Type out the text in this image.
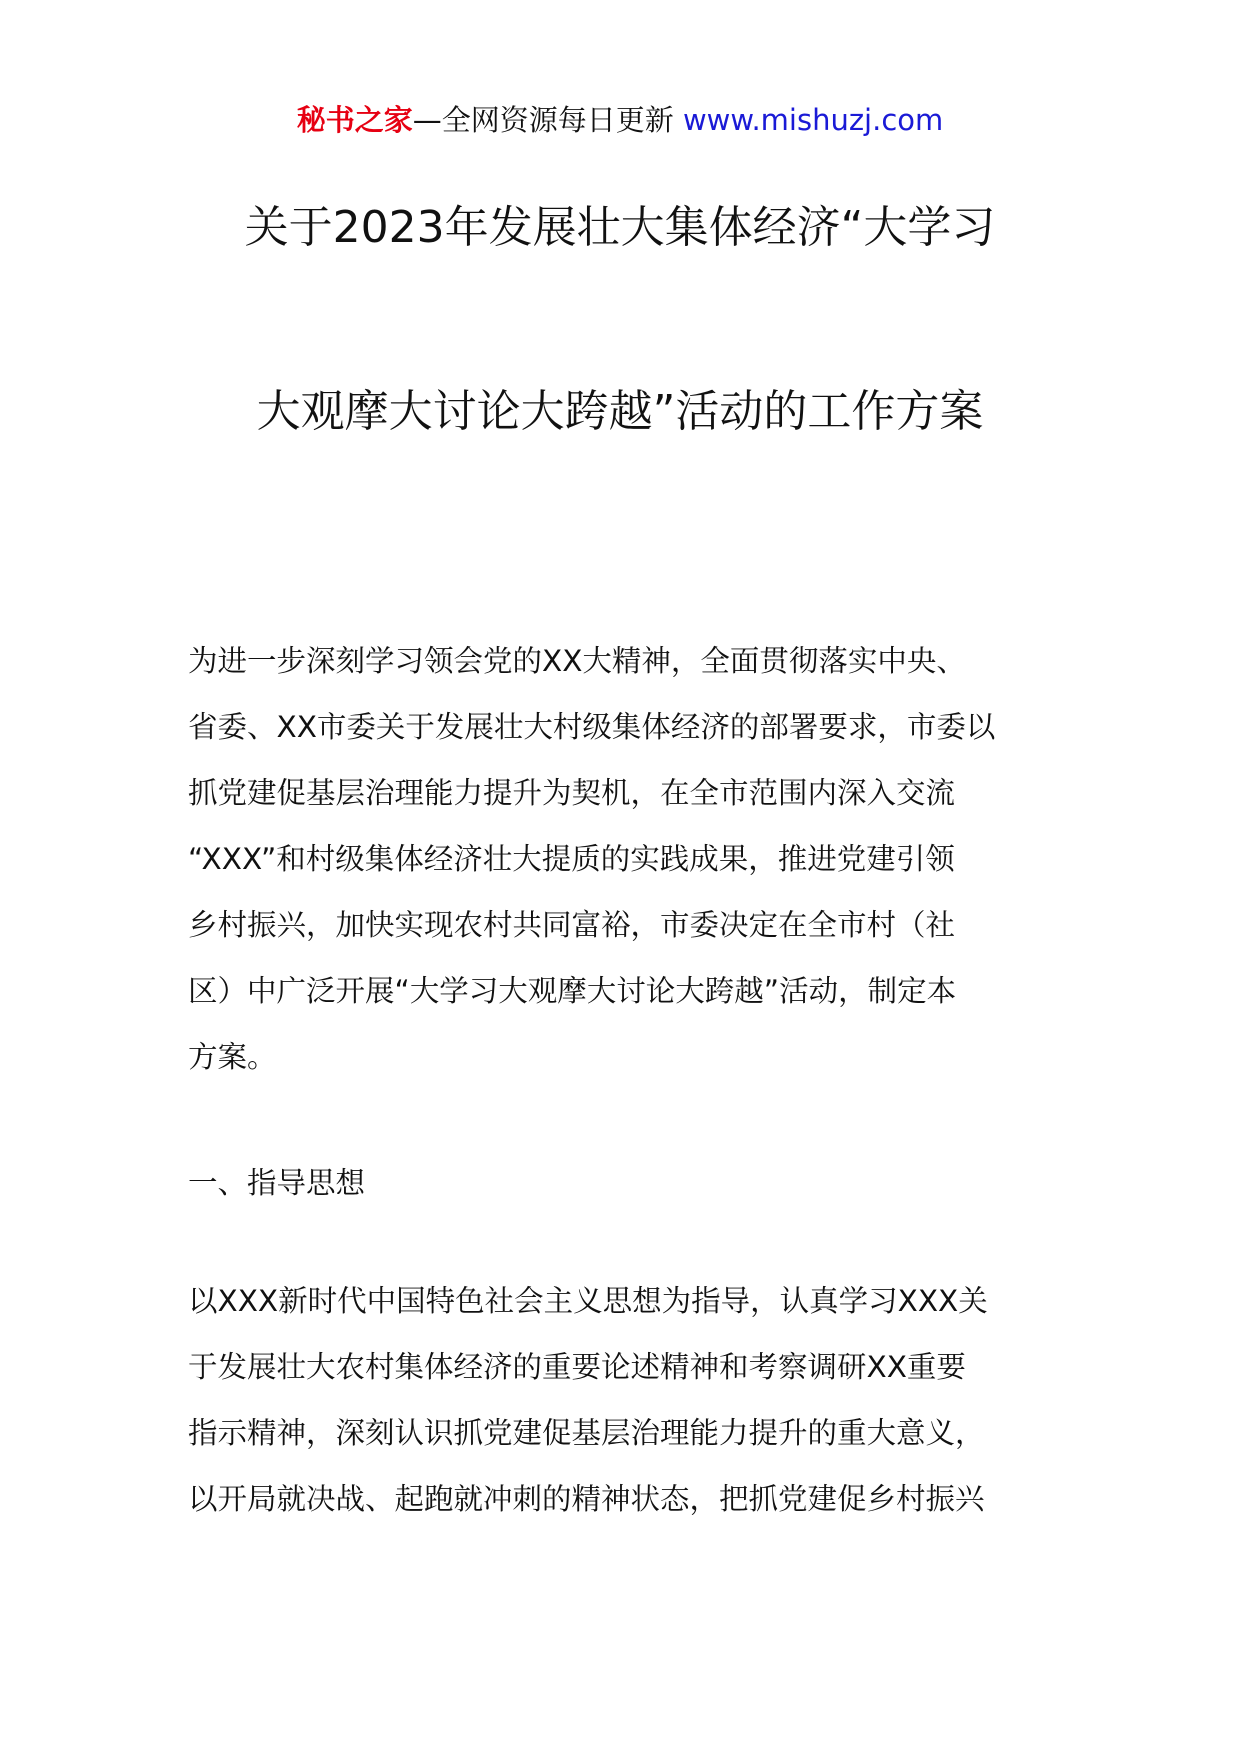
秘书之家—全网资源每日更新 www.mishuzj.com
关于2023年发展壮大集体经济“大学习
大观摩大讨论大跨越”活动的工作方案
为进一步深刻学习领会党的XX大精神，全面贯彻落实中央、
省委、XX市委关于发展壮大村级集体经济的部署要求，市委以
抓党建促基层治理能力提升为契机，在全市范围内深入交流
“XXX”和村级集体经济壮大提质的实践成果，推进党建引领
乡村振兴，加快实现农村共同富裕，市委决定在全市村（社
区）中广泛开展“大学习大观摩大讨论大跨越”活动，制定本
方案。
一、指导思想
以XXX新时代中国特色社会主义思想为指导，认真学习XXX关
于发展壮大农村集体经济的重要论述精神和考察调研XX重要
指示精神，深刻认识抓党建促基层治理能力提升的重大意义，
以开局就决战、起跑就冲刺的精神状态，把抓党建促乡村振兴
